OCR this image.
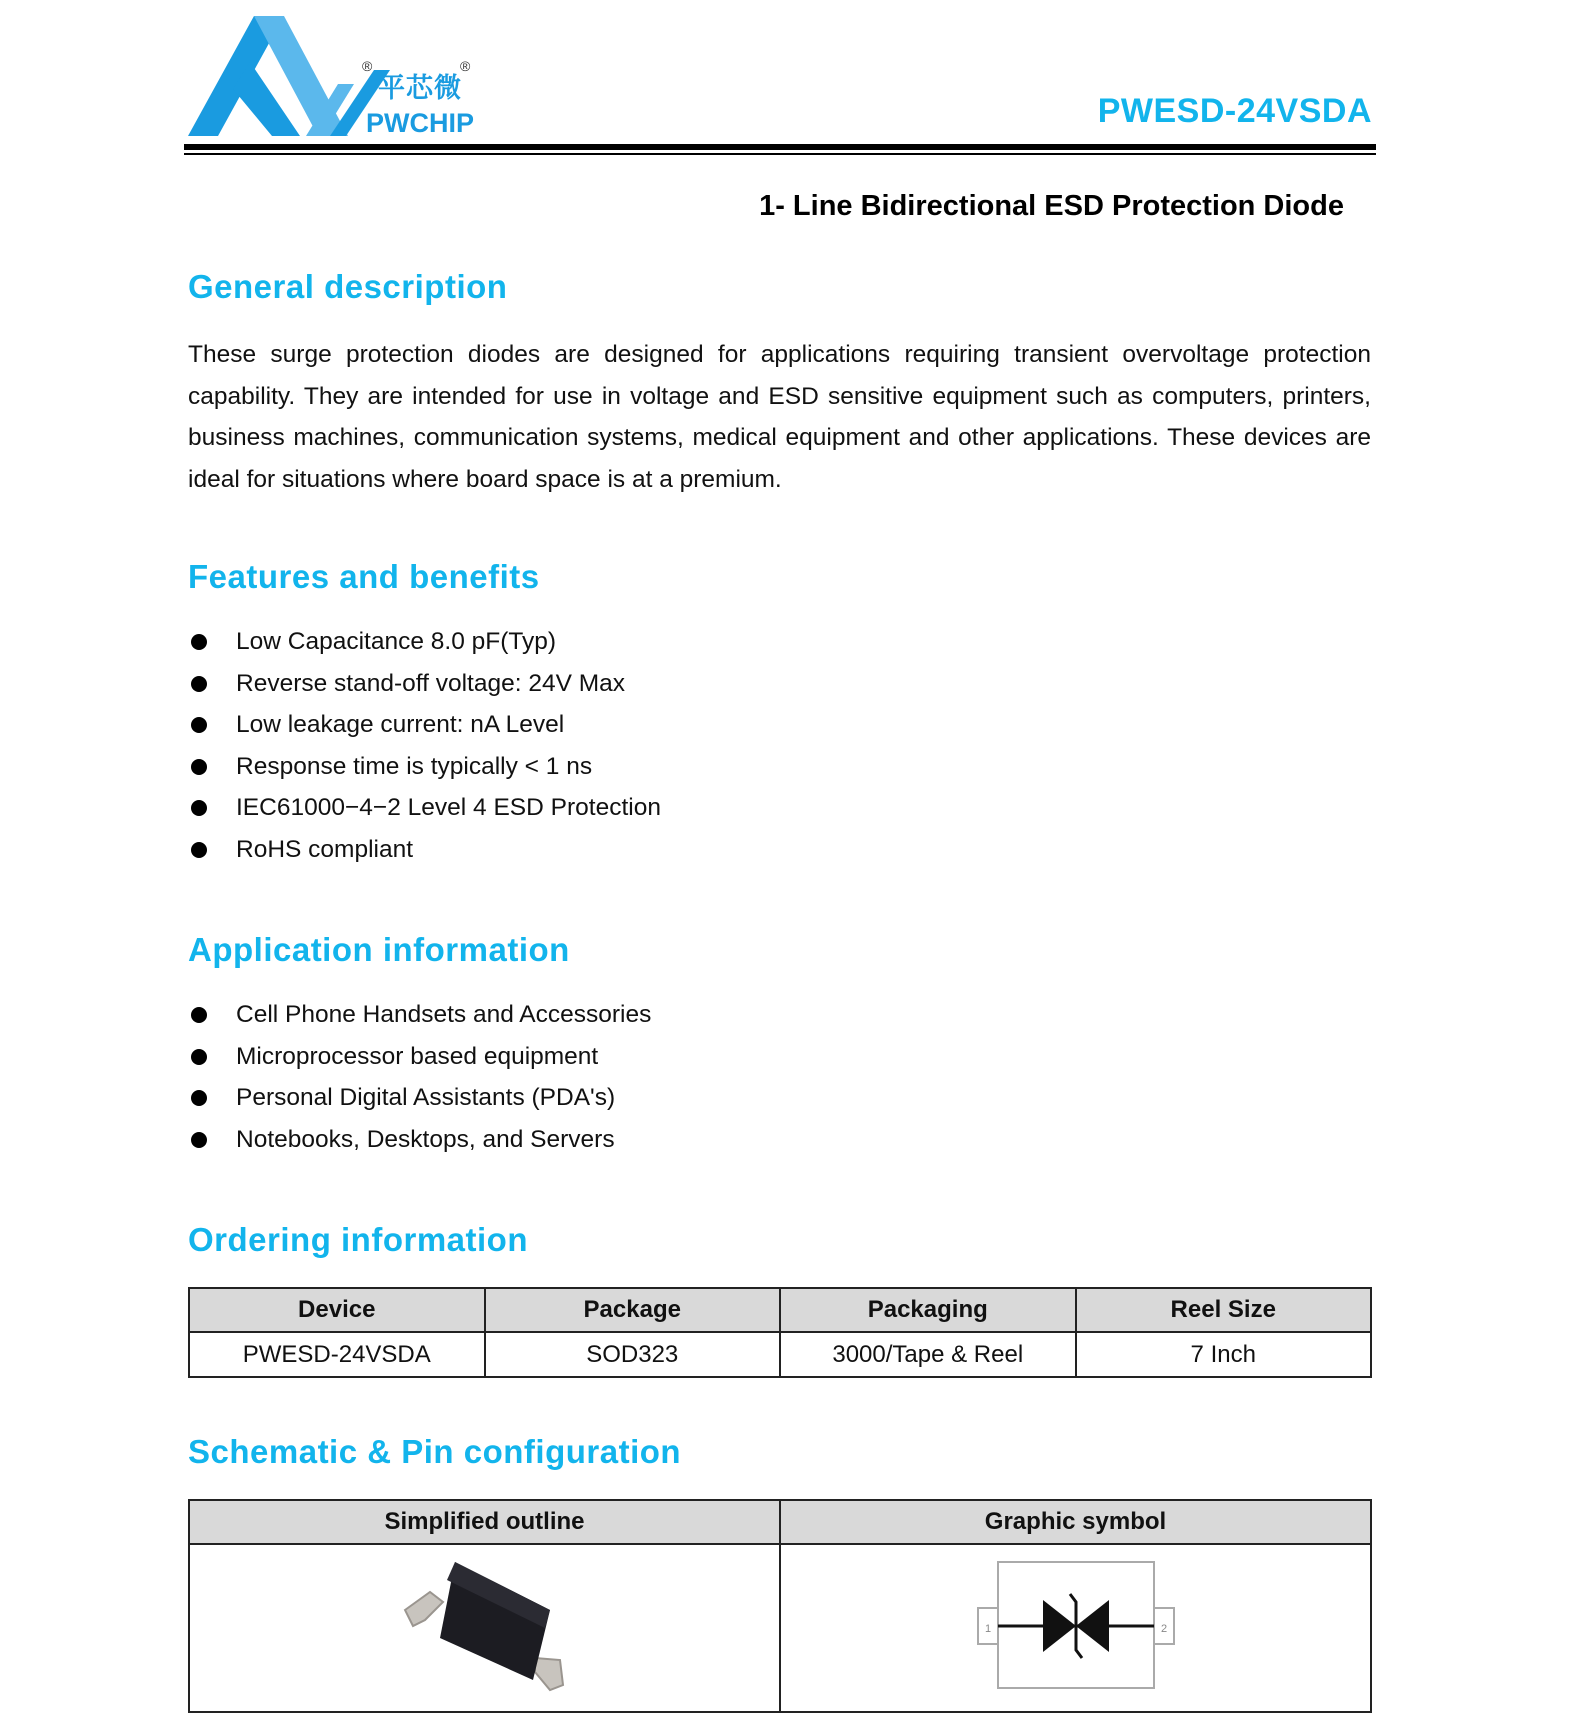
®	®
平芯微
PWCHIP	PWESD-24VSDA
1- Line Bidirectional ESD Protection Diode
General description
These surge protection diodes are designed for applications requiring transient overvoltage protection capability. They are intended for use in voltage and ESD sensitive equipment such as computers, printers, business machines, communication systems, medical equipment and other applications. These devices are ideal for situations where board space is at a premium.
Features and benefits
Low Capacitance 8.0 pF(Typ)
Reverse stand-off voltage: 24V Max
Low leakage current: nA Level
Response time is typically < 1 ns
IEC61000−4−2 Level 4 ESD Protection
RoHS compliant
Application information
Cell Phone Handsets and Accessories
Microprocessor based equipment
Personal Digital Assistants (PDA's)
Notebooks, Desktops, and Servers
Ordering information
Device	Package	Packaging	Reel Size
PWESD-24VSDA	SOD323	3000/Tape & Reel	7 Inch
Schematic & Pin configuration
Simplified outline	Graphic symbol

1 2
